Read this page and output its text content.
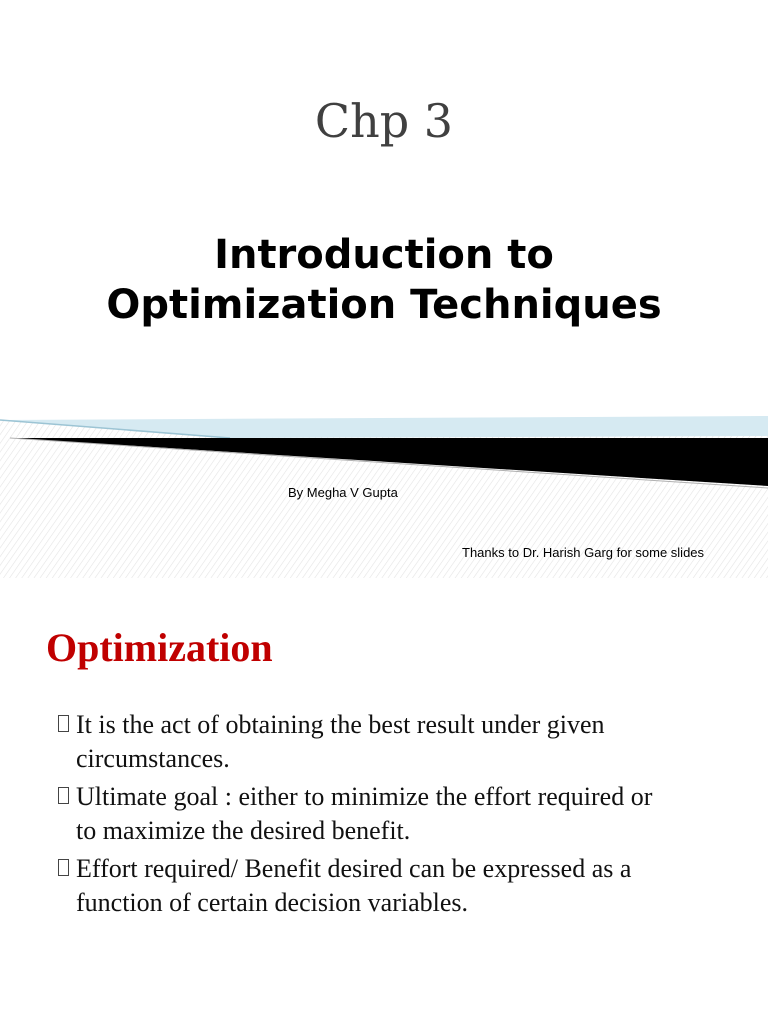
Chp 3
Introduction to
Optimization Techniques
By Megha V Gupta
Thanks to Dr. Harish Garg for some slides
Optimization
It is the act of obtaining the best result under given
circumstances.
Ultimate goal : either to minimize the effort required or
to maximize the desired benefit.
Effort required/ Benefit desired can be expressed as a
function of certain decision variables.
